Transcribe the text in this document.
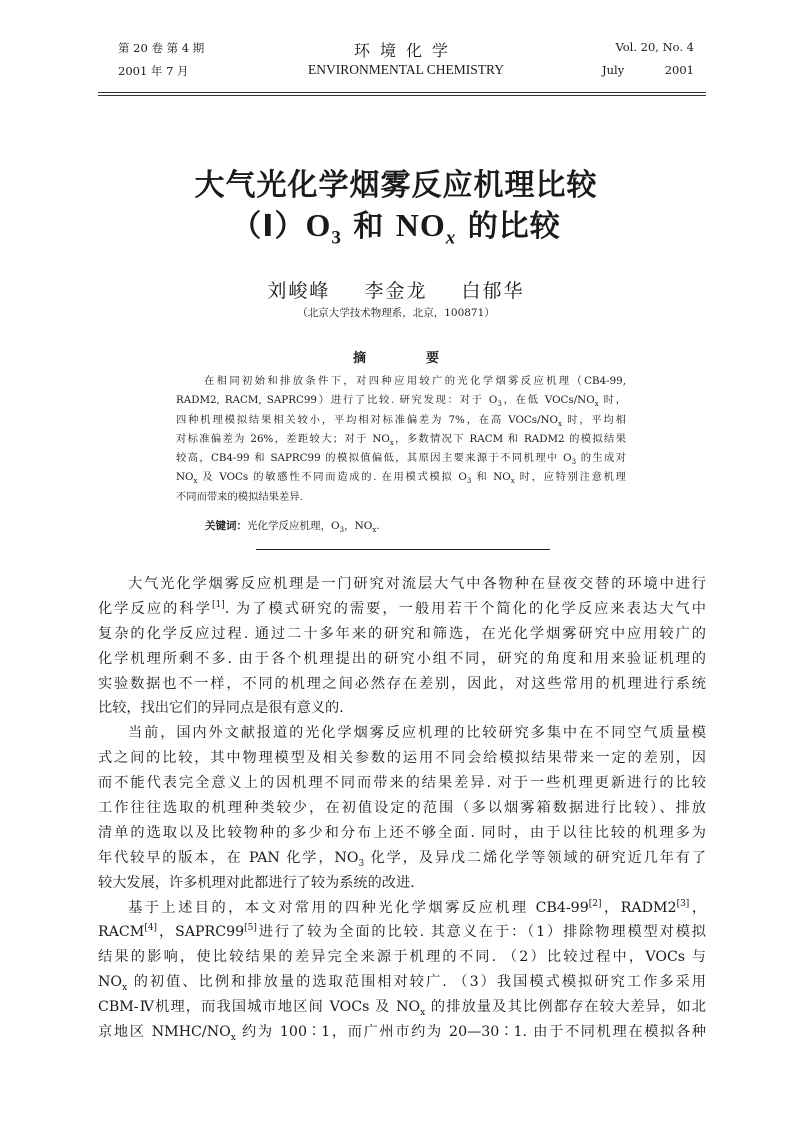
第 20 卷 第 4 期
2001 年 7 月
环境化学
ENVIRONMENTAL CHEMISTRY
Vol. 20, No. 4
July	2001
大气光化学烟雾反应机理比较
$(Ⅰ)O_3$ 和 $NO_x$ 的比较
刘峻峰 李金龙 白郁华
（北京大学技术物理系，北京，100871）
摘	要
在相同初始和排放条件下，对四种应用较广的光化学烟雾反应机理（CB4-99,
RADM2, RACM, SAPRC99）进行了比较. 研究发现：对于 $O_3$，在低 VOCs/$NO_x$ 时，
四种机理模拟结果相关较小，平均相对标准偏差为 7%，在高 VOCs/$NO_x$ 时，平均相
对标准偏差为 26%，差距较大；对于 $NO_x$，多数情况下 RACM 和 RADM2 的模拟结果
较高，CB4-99 和 SAPRC99 的模拟值偏低，其原因主要来源于不同机理中 $O_3$ 的生成对
$NO_x$ 及 VOCs 的敏感性不同而造成的. 在用模式模拟 $O_3$ 和 $NO_x$ 时，应特别注意机理
不同而带来的模拟结果差异.
关键词：光化学反应机理，$O_3$，$NO_x$.
大气光化学烟雾反应机理是一门研究对流层大气中各物种在昼夜交替的环境中进行
化学反应的科学[1]. 为了模式研究的需要，一般用若干个简化的化学反应来表达大气中
复杂的化学反应过程. 通过二十多年来的研究和筛选，在光化学烟雾研究中应用较广的
化学机理所剩不多. 由于各个机理提出的研究小组不同，研究的角度和用来验证机理的
实验数据也不一样，不同的机理之间必然存在差别，因此，对这些常用的机理进行系统
比较，找出它们的异同点是很有意义的.
当前，国内外文献报道的光化学烟雾反应机理的比较研究多集中在不同空气质量模
式之间的比较，其中物理模型及相关参数的运用不同会给模拟结果带来一定的差别，因
而不能代表完全意义上的因机理不同而带来的结果差异. 对于一些机理更新进行的比较
工作往往选取的机理种类较少，在初值设定的范围（多以烟雾箱数据进行比较）、排放
清单的选取以及比较物种的多少和分布上还不够全面. 同时，由于以往比较的机理多为
年代较早的版本，在 PAN 化学，$NO_3$ 化学，及异戊二烯化学等领域的研究近几年有了
较大发展，许多机理对此都进行了较为系统的改进.
基于上述目的，本文对常用的四种光化学烟雾反应机理 CB4-99[2]，RADM2[3]，
RACM[4]，SAPRC99[5]进行了较为全面的比较. 其意义在于：（1）排除物理模型对模拟
结果的影响，使比较结果的差异完全来源于机理的不同. （2）比较过程中，VOCs 与
$NO_x$ 的初值、比例和排放量的选取范围相对较广. （3）我国模式模拟研究工作多采用
CBM-Ⅳ机理，而我国城市地区间 VOCs 及 $NO_x$ 的排放量及其比例都存在较大差异，如北
京地区 NMHC/$NO_x$ 约为 100∶1，而广州市约为 20—30∶1. 由于不同机理在模拟各种
